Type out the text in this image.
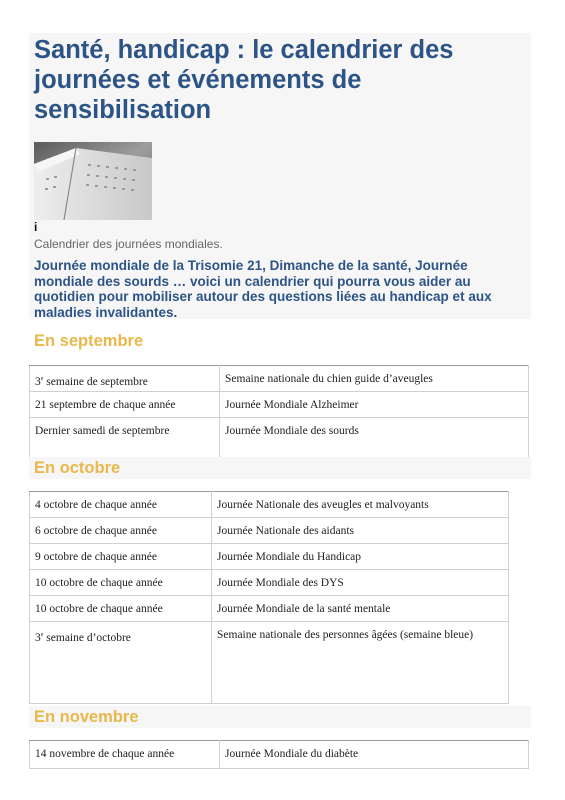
Santé, handicap : le calendrier des journées et événements de sensibilisation
i
Calendrier des journées mondiales.
Journée mondiale de la Trisomie 21, Dimanche de la santé, Journée mondiale des sourds … voici un calendrier qui pourra vous aider au quotidien pour mobiliser autour des questions liées au handicap et aux maladies invalidantes.
En septembre
3e semaine de septembre	Semaine nationale du chien guide d’aveugles
21 septembre de chaque année	Journée Mondiale Alzheimer
Dernier samedi de septembre	Journée Mondiale des sourds
En octobre
4 octobre de chaque année	Journée Nationale des aveugles et malvoyants
6 octobre de chaque année	Journée Nationale des aidants
9 octobre de chaque année	Journée Mondiale du Handicap
10 octobre de chaque année	Journée Mondiale des DYS
10 octobre de chaque année	Journée Mondiale de la santé mentale
3e semaine d’octobre	Semaine nationale des personnes âgées (semaine bleue)
En novembre
14 novembre de chaque année	Journée Mondiale du diabète
